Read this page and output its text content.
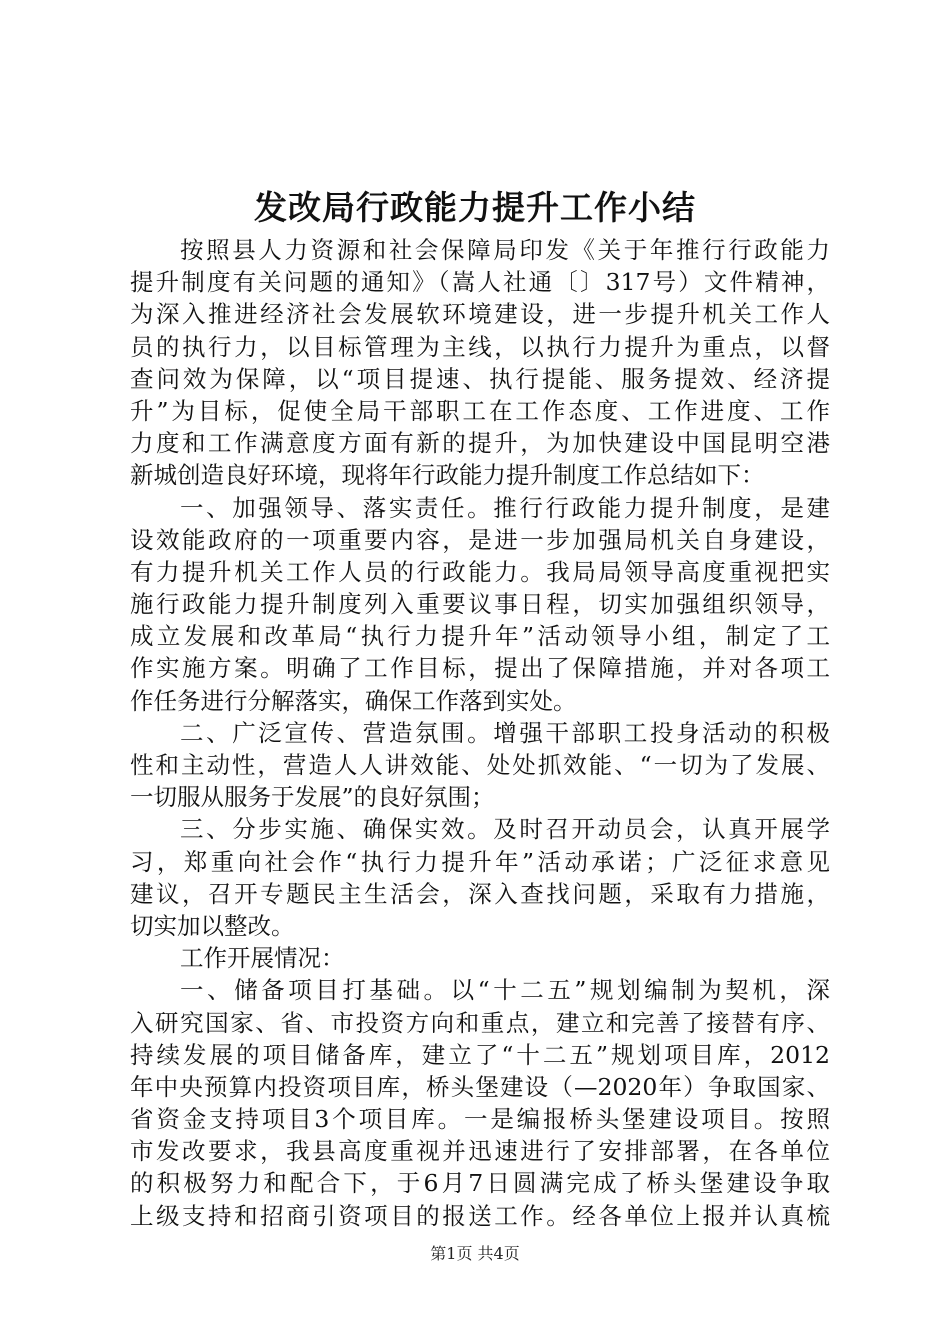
发改局行政能力提升工作小结
按照县人力资源和社会保障局印发《关于年推行行政能力
提升制度有关问题的通知》（嵩人社通〔〕317号）文件精神，
为深入推进经济社会发展软环境建设，进一步提升机关工作人
员的执行力，以目标管理为主线，以执行力提升为重点，以督
查问效为保障，以“项目提速、执行提能、服务提效、经济提
升”为目标，促使全局干部职工在工作态度、工作进度、工作
力度和工作满意度方面有新的提升，为加快建设中国昆明空港
新城创造良好环境，现将年行政能力提升制度工作总结如下：
一、加强领导、落实责任。推行行政能力提升制度，是建
设效能政府的一项重要内容，是进一步加强局机关自身建设，
有力提升机关工作人员的行政能力。我局局领导高度重视把实
施行政能力提升制度列入重要议事日程，切实加强组织领导，
成立发展和改革局“执行力提升年”活动领导小组，制定了工
作实施方案。明确了工作目标，提出了保障措施，并对各项工
作任务进行分解落实，确保工作落到实处。
二、广泛宣传、营造氛围。增强干部职工投身活动的积极
性和主动性，营造人人讲效能、处处抓效能、“一切为了发展、
一切服从服务于发展”的良好氛围；
三、分步实施、确保实效。及时召开动员会，认真开展学
习，郑重向社会作“执行力提升年”活动承诺；广泛征求意见
建议，召开专题民主生活会，深入查找问题，采取有力措施，
切实加以整改。
工作开展情况：
一、储备项目打基础。以“十二五”规划编制为契机，深
入研究国家、省、市投资方向和重点，建立和完善了接替有序、
持续发展的项目储备库，建立了“十二五”规划项目库，2012
年中央预算内投资项目库，桥头堡建设（—2020年）争取国家、
省资金支持项目3个项目库。一是编报桥头堡建设项目。按照
市发改要求，我县高度重视并迅速进行了安排部署，在各单位
的积极努力和配合下，于6月7日圆满完成了桥头堡建设争取
上级支持和招商引资项目的报送工作。经各单位上报并认真梳
第1页 共4页
